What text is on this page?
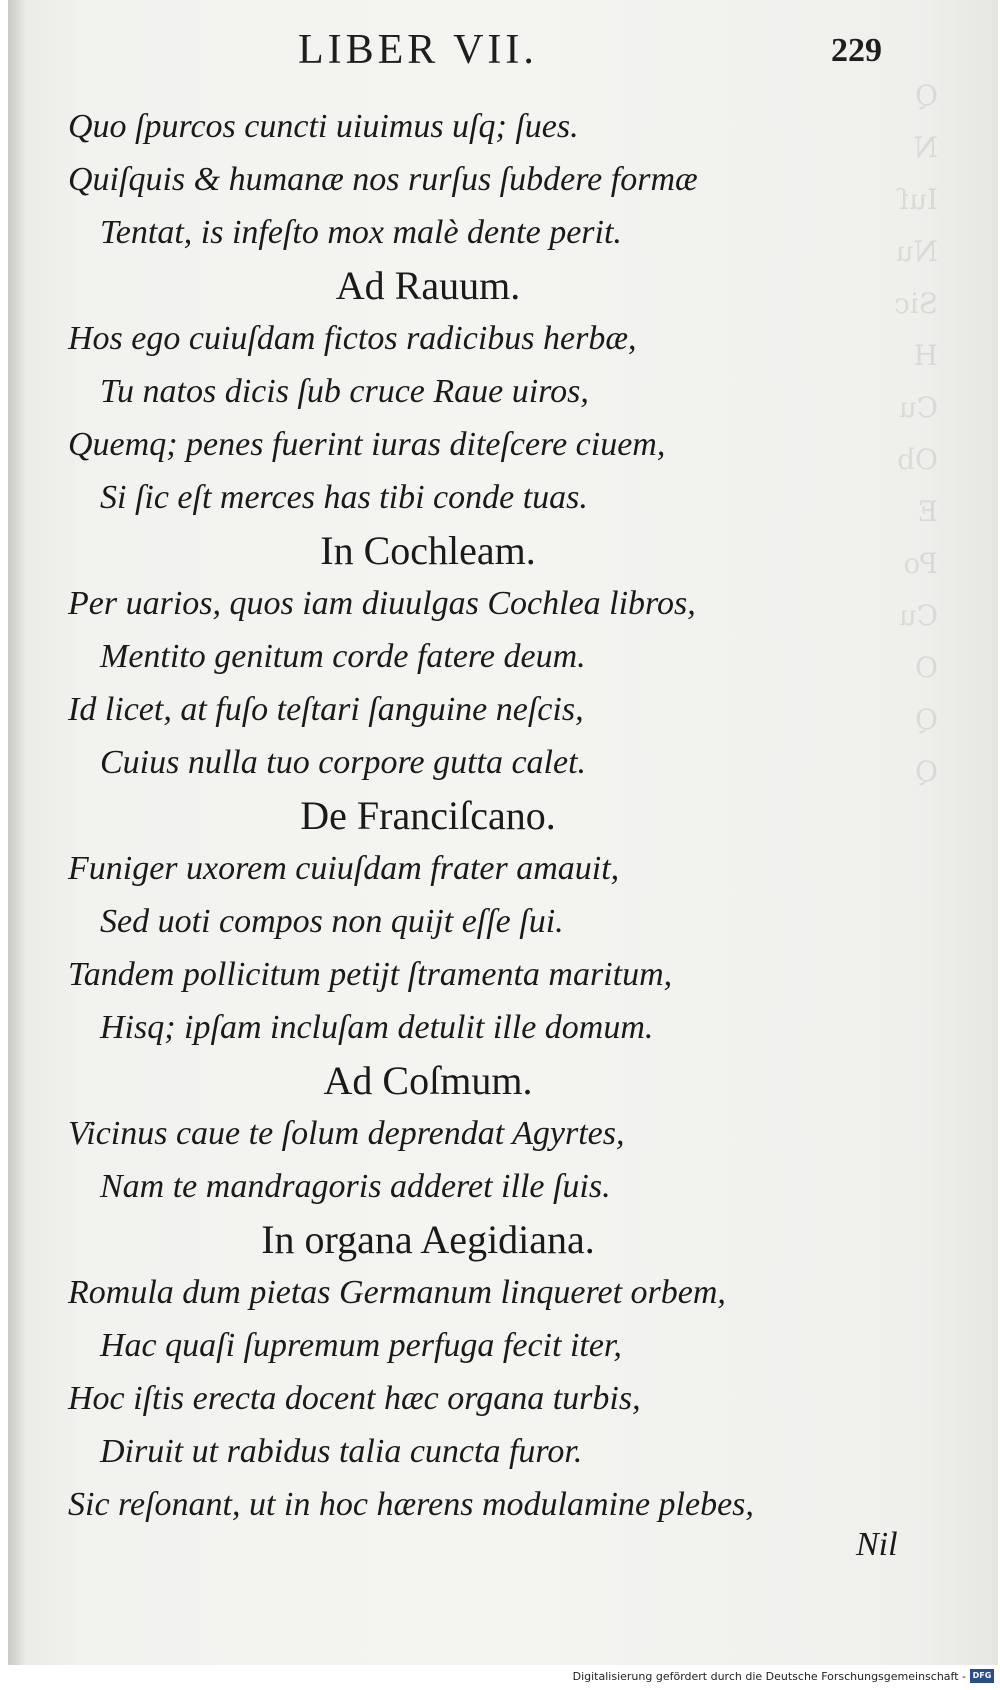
Q
N
Iuſ
Nu
Sic
H
Cu
Ob
E
Po
Cu
O
Q
Q
LIBER VII.	229
Quo ſpurcos cuncti uiuimus uſq; ſues.
Quiſquis & humanæ nos rurſus ſubdere formæ
Tentat, is infeſto mox malè dente perit.
Ad Rauum.
Hos ego cuiuſdam fictos radicibus herbæ,
Tu natos dicis ſub cruce Raue uiros,
Quemq; penes fuerint iuras diteſcere ciuem,
Si ſic eſt merces has tibi conde tuas.
In Cochleam.
Per uarios, quos iam diuulgas Cochlea libros,
Mentito genitum corde fatere deum.
Id licet, at fuſo teſtari ſanguine neſcis,
Cuius nulla tuo corpore gutta calet.
De Franciſcano.
Funiger uxorem cuiuſdam frater amauit,
Sed uoti compos non quijt eſſe ſui.
Tandem pollicitum petijt ſtramenta maritum,
Hisq; ipſam incluſam detulit ille domum.
Ad Coſmum.
Vicinus caue te ſolum deprendat Agyrtes,
Nam te mandragoris adderet ille ſuis.
In organa Aegidiana.
Romula dum pietas Germanum linqueret orbem,
Hac quaſi ſupremum perfuga fecit iter,
Hoc iſtis erecta docent hæc organa turbis,
Diruit ut rabidus talia cuncta furor.
Sic reſonant, ut in hoc hærens modulamine plebes,
Nil
Digitalisierung gefördert durch die Deutsche Forschungsgemeinschaft - DFG
